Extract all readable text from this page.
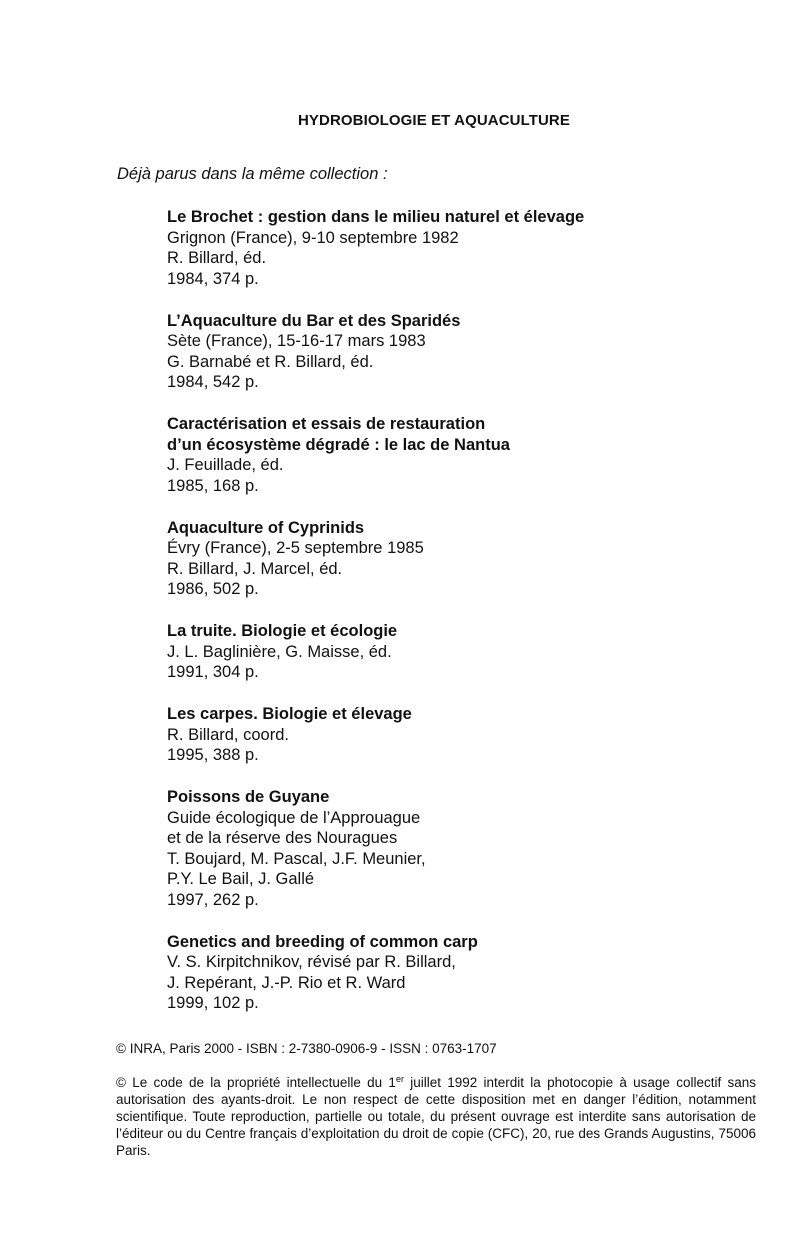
HYDROBIOLOGIE ET AQUACULTURE
Déjà parus dans la même collection :
Le Brochet : gestion dans le milieu naturel et élevage
Grignon (France), 9-10 septembre 1982
R. Billard, éd.
1984, 374 p.
L’Aquaculture du Bar et des Sparidés
Sète (France), 15-16-17 mars 1983
G. Barnabé et R. Billard, éd.
1984, 542 p.
Caractérisation et essais de restauration
d’un écosystème dégradé : le lac de Nantua
J. Feuillade, éd.
1985, 168 p.
Aquaculture of Cyprinids
Évry (France), 2-5 septembre 1985
R. Billard, J. Marcel, éd.
1986, 502 p.
La truite. Biologie et écologie
J. L. Baglinière, G. Maisse, éd.
1991, 304 p.
Les carpes. Biologie et élevage
R. Billard, coord.
1995, 388 p.
Poissons de Guyane
Guide écologique de l’Approuague
et de la réserve des Nouragues
T. Boujard, M. Pascal, J.F. Meunier,
P.Y. Le Bail, J. Gallé
1997, 262 p.
Genetics and breeding of common carp
V. S. Kirpitchnikov, révisé par R. Billard,
J. Repérant, J.-P. Rio et R. Ward
1999, 102 p.
© INRA, Paris 2000 - ISBN : 2-7380-0906-9 - ISSN : 0763-1707
© Le code de la propriété intellectuelle du 1er juillet 1992 interdit la photocopie à usage collectif sans autorisation des ayants-droit. Le non respect de cette disposition met en danger l’édition, notamment scientifique. Toute reproduction, partielle ou totale, du présent ouvrage est interdite sans autorisation de l’éditeur ou du Centre français d’exploitation du droit de copie (CFC), 20, rue des Grands Augustins, 75006 Paris.
